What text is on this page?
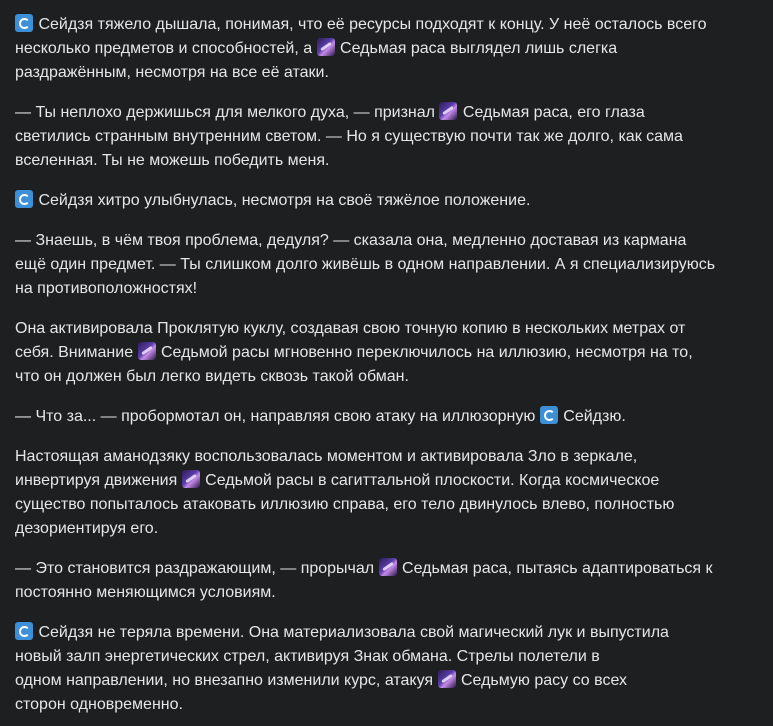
Сейдзя тяжело дышала, понимая, что её ресурсы подходят к концу. У неё осталось всего
несколько предметов и способностей, а  Седьмая раса выглядел лишь слегка
раздражённым, несмотря на все её атаки.

— Ты неплохо держишься для мелкого духа, — признал  Седьмая раса, его глаза
светились странным внутренним светом. — Но я существую почти так же долго, как сама
вселенная. Ты не можешь победить меня.

Сейдзя хитро улыбнулась, несмотря на своё тяжёлое положение.

— Знаешь, в чём твоя проблема, дедуля? — сказала она, медленно доставая из кармана
ещё один предмет. — Ты слишком долго живёшь в одном направлении. А я специализируюсь
на противоположностях!

Она активировала Проклятую куклу, создавая свою точную копию в нескольких метрах от
себя. Внимание  Седьмой расы мгновенно переключилось на иллюзию, несмотря на то,
что он должен был легко видеть сквозь такой обман.

— Что за... — пробормотал он, направляя свою атаку на иллюзорную  Сейдзю.

Настоящая аманодзяку воспользовалась моментом и активировала Зло в зеркале,
инвертируя движения  Седьмой расы в сагиттальной плоскости. Когда космическое
существо попыталось атаковать иллюзию справа, его тело двинулось влево, полностью
дезориентируя его.

— Это становится раздражающим, — прорычал  Седьмая раса, пытаясь адаптироваться к
постоянно меняющимся условиям.

Сейдзя не теряла времени. Она материализовала свой магический лук и выпустила
новый залп энергетических стрел, активируя Знак обмана. Стрелы полетели в
одном направлении, но внезапно изменили курс, атакуя  Седьмую расу со всех
сторон одновременно.
